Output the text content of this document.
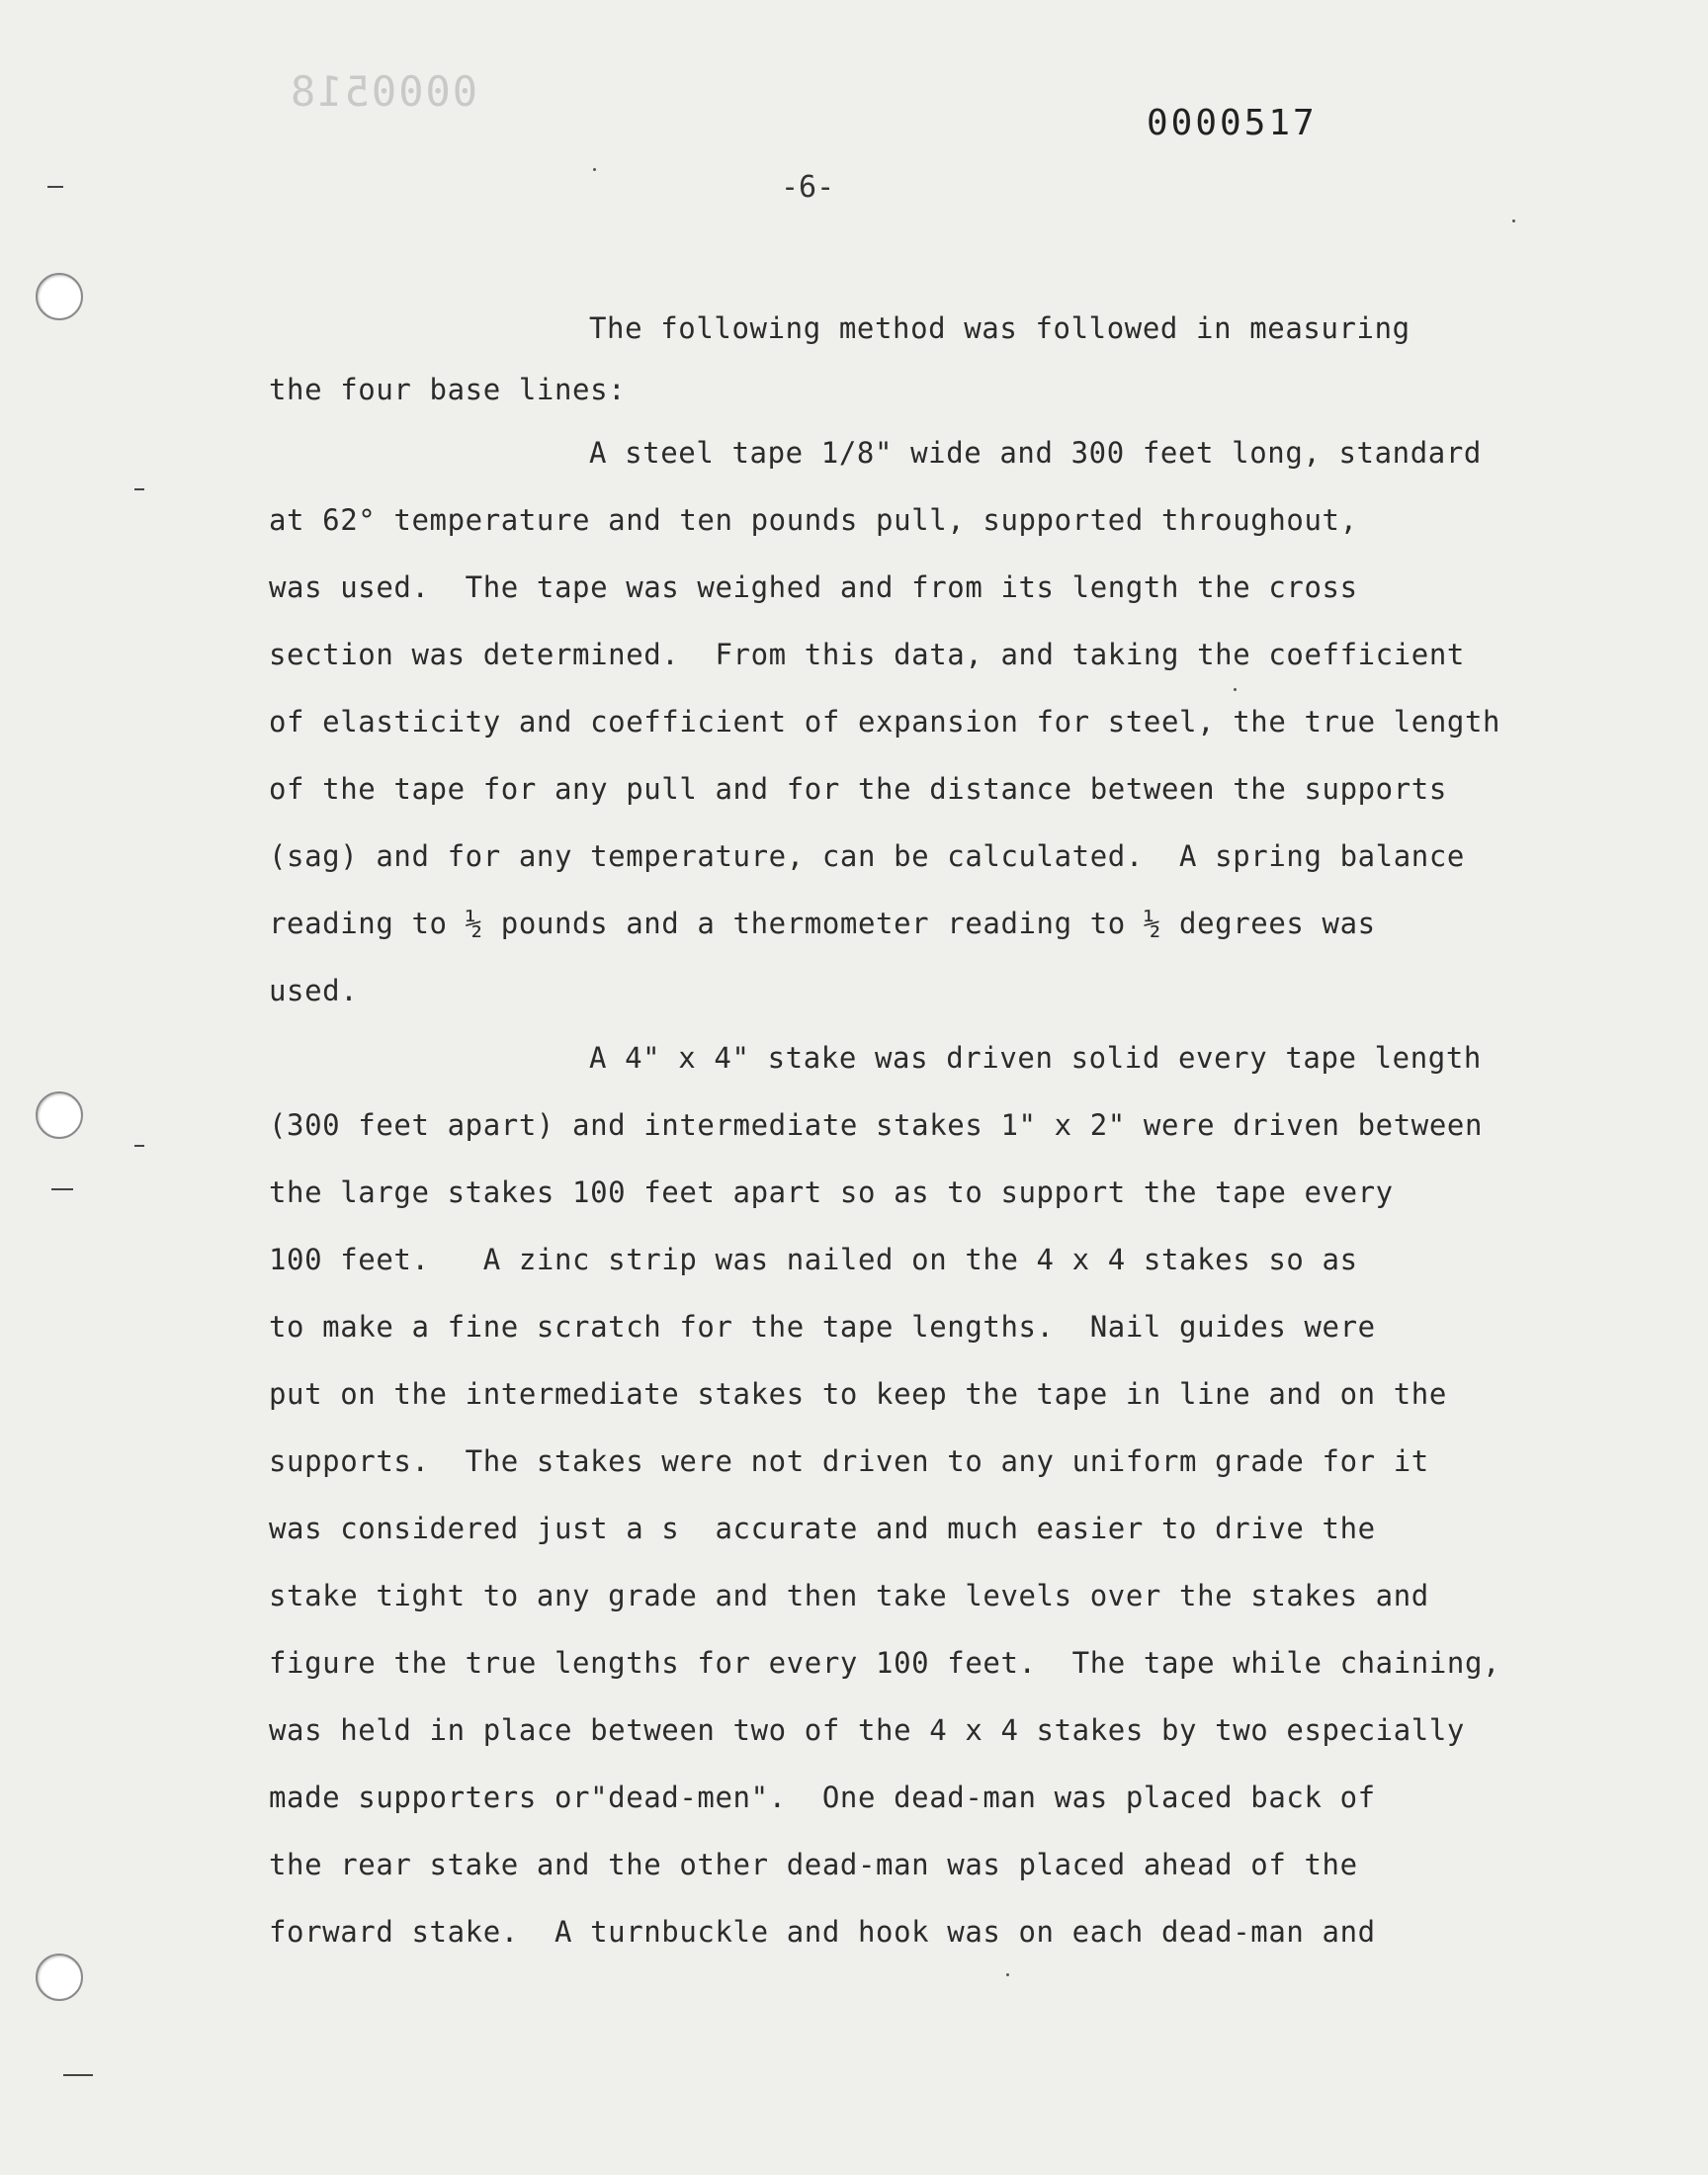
0000518
0000517
-6-
The following method was followed in measuring
the four base lines:
A steel tape 1/8" wide and 300 feet long, standard
at 62° temperature and ten pounds pull, supported throughout,
was used.  The tape was weighed and from its length the cross
section was determined.  From this data, and taking the coefficient
of elasticity and coefficient of expansion for steel, the true length
of the tape for any pull and for the distance between the supports
(sag) and for any temperature, can be calculated.  A spring balance
reading to ½ pounds and a thermometer reading to ½ degrees was
used.
A 4" x 4" stake was driven solid every tape length
(300 feet apart) and intermediate stakes 1" x 2" were driven between
the large stakes 100 feet apart so as to support the tape every
100 feet.   A zinc strip was nailed on the 4 x 4 stakes so as
to make a fine scratch for the tape lengths.  Nail guides were
put on the intermediate stakes to keep the tape in line and on the
supports.  The stakes were not driven to any uniform grade for it
was considered just a s  accurate and much easier to drive the
stake tight to any grade and then take levels over the stakes and
figure the true lengths for every 100 feet.  The tape while chaining,
was held in place between two of the 4 x 4 stakes by two especially
made supporters or"dead-men".  One dead-man was placed back of
the rear stake and the other dead-man was placed ahead of the
forward stake.  A turnbuckle and hook was on each dead-man and
